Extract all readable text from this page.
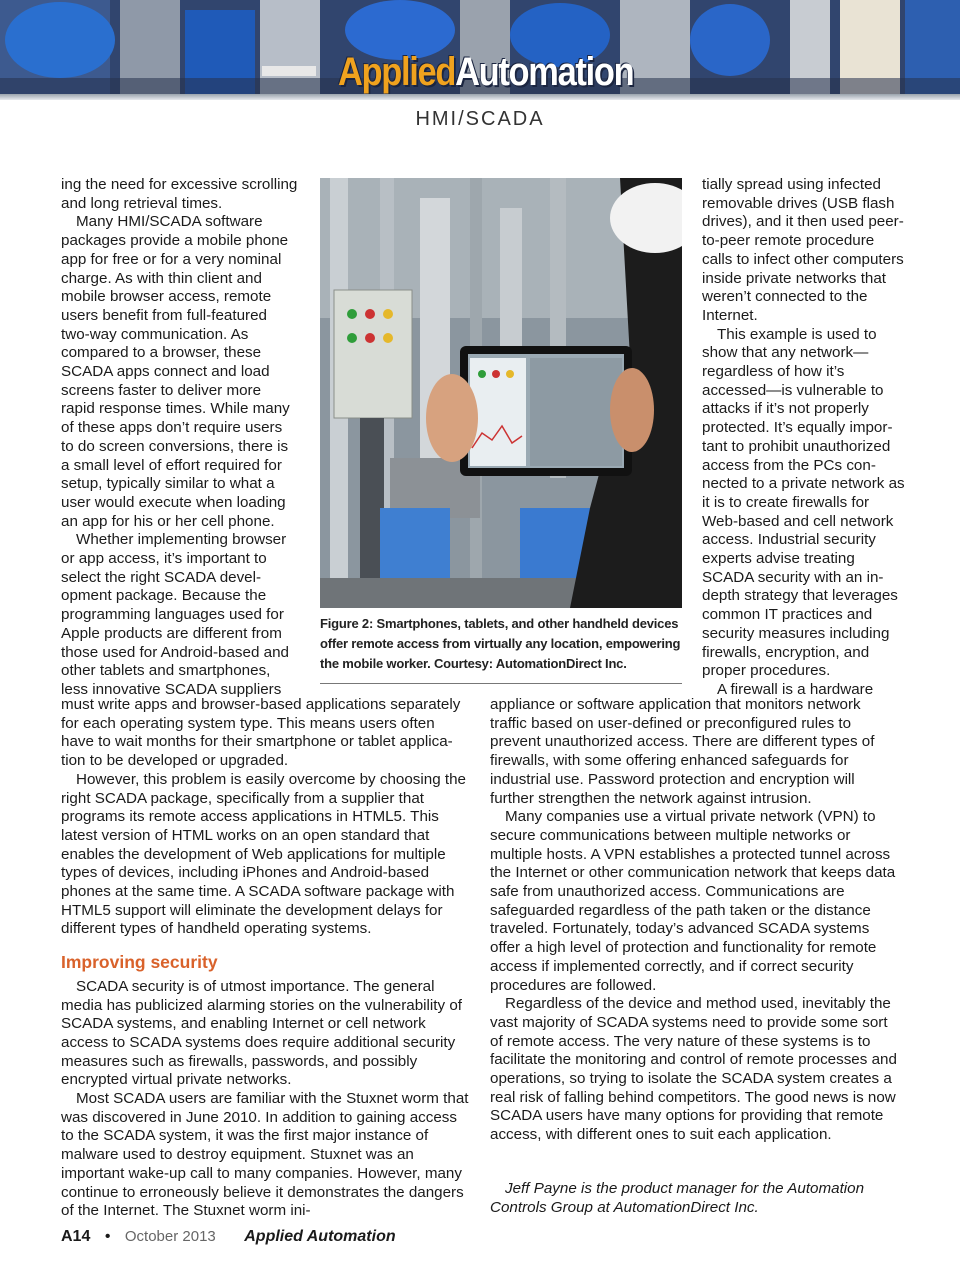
AppliedAutomation
HMI/SCADA

ing the need for excessive scrolling and long retrieval times.

Many HMI/SCADA software packages provide a mobile phone app for free or for a very nominal charge. As with thin client and mobile browser access, remote users benefit from full-featured two-way communication. As compared to a browser, these SCADA apps connect and load screens faster to deliver more rapid response times. While many of these apps don’t require users to do screen conversions, there is a small level of effort required for setup, typically similar to what a user would execute when loading an app for his or her cell phone.

Whether implementing browser or app access, it’s important to select the right SCADA development package. Because the programming languages used for Apple products are different from those used for Android-based and other tablets and smartphones, less innovative SCADA suppliers

Figure 2: Smartphones, tablets, and other handheld devices offer remote access from virtually any location, empowering the mobile worker. Courtesy: AutomationDirect Inc.

tially spread using infected removable drives (USB flash drives), and it then used peer-to-peer remote procedure calls to infect other computers inside private networks that weren’t connected to the Internet.

This example is used to show that any network—regardless of how it’s accessed—is vulnerable to attacks if it’s not properly protected. It’s equally important to prohibit unauthorized access from the PCs connected to a private network as it is to create firewalls for Web-based and cell network access. Industrial security experts advise treating SCADA security with an in-depth strategy that leverages common IT practices and security measures including firewalls, encryption, and proper procedures.

A firewall is a hardware

must write apps and browser-based applications separately for each operating system type. This means users often have to wait months for their smartphone or tablet application to be developed or upgraded.

However, this problem is easily overcome by choosing the right SCADA package, specifically from a supplier that programs its remote access applications in HTML5. This latest version of HTML works on an open standard that enables the development of Web applications for multiple types of devices, including iPhones and Android-based phones at the same time. A SCADA software package with HTML5 support will eliminate the development delays for different types of handheld operating systems.

Improving security

SCADA security is of utmost importance. The general media has publicized alarming stories on the vulnerability of SCADA systems, and enabling Internet or cell network access to SCADA systems does require additional security measures such as firewalls, passwords, and possibly encrypted virtual private networks.

Most SCADA users are familiar with the Stuxnet worm that was discovered in June 2010. In addition to gaining access to the SCADA system, it was the first major instance of malware used to destroy equipment. Stuxnet was an important wake-up call to many companies. However, many continue to erroneously believe it demonstrates the dangers of the Internet. The Stuxnet worm ini-

appliance or software application that monitors network traffic based on user-defined or preconfigured rules to prevent unauthorized access. There are different types of firewalls, with some offering enhanced safeguards for industrial use. Password protection and encryption will further strengthen the network against intrusion.

Many companies use a virtual private network (VPN) to secure communications between multiple networks or multiple hosts. A VPN establishes a protected tunnel across the Internet or other communication network that keeps data safe from unauthorized access. Communications are safeguarded regardless of the path taken or the distance traveled. Fortunately, today’s advanced SCADA systems offer a high level of protection and functionality for remote access if implemented correctly, and if correct security procedures are followed.

Regardless of the device and method used, inevitably the vast majority of SCADA systems need to provide some sort of remote access. The very nature of these systems is to facilitate the monitoring and control of remote processes and operations, so trying to isolate the SCADA system creates a real risk of falling behind competitors. The good news is now SCADA users have many options for providing that remote access, with different ones to suit each application.

Jeff Payne is the product manager for the Automation Controls Group at AutomationDirect Inc.

A14 • October 2013 Applied Automation
